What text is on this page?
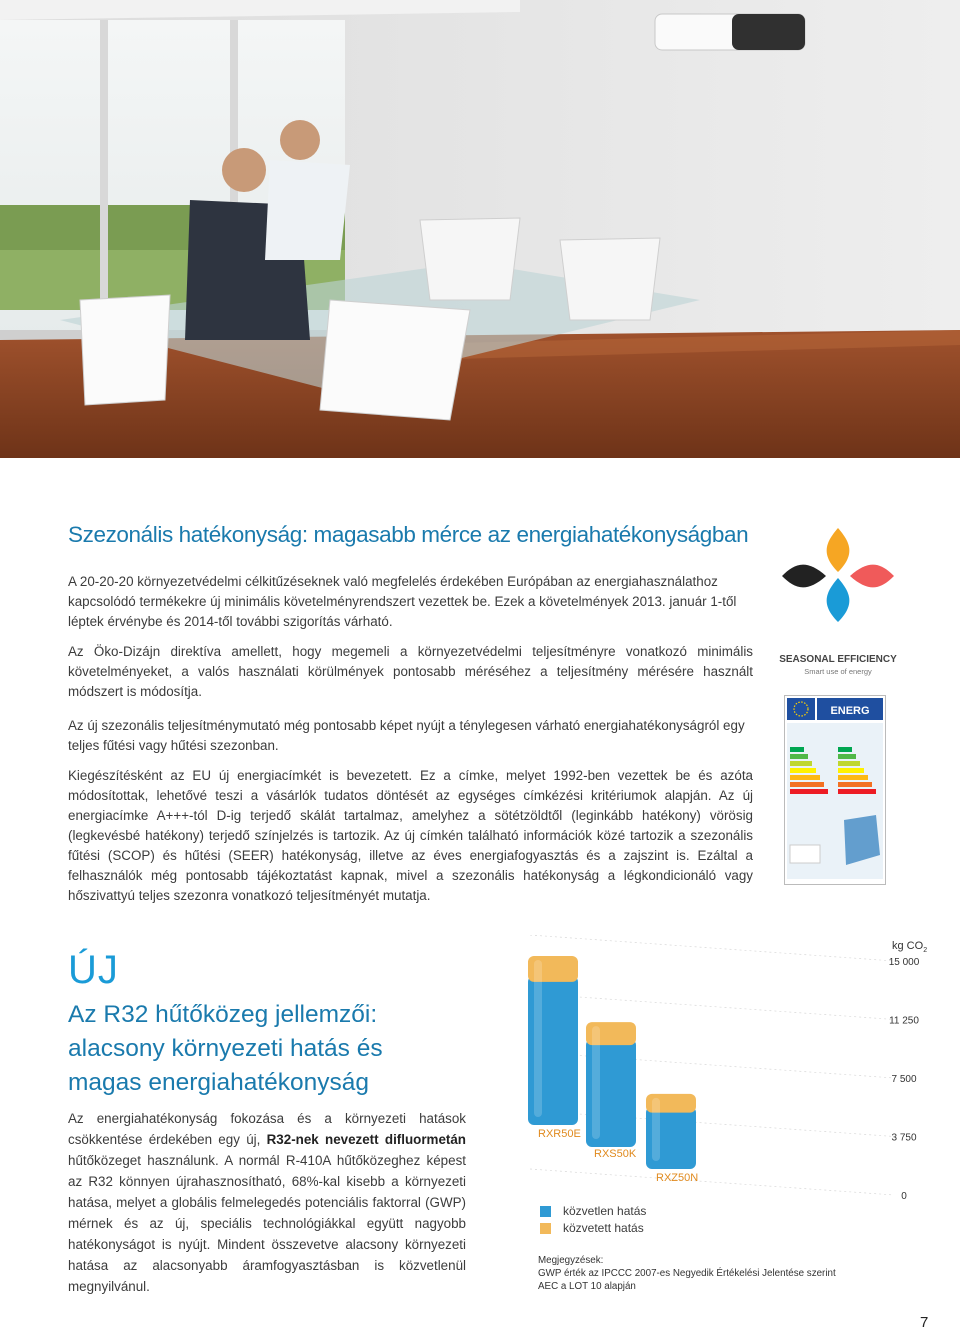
Szezonális hatékonyság: magasabb mérce az energiahatékonyságban

A 20-20-20 környezetvédelmi célkitűzéseknek való megfelelés érdekében Európában az energiahasználathoz kapcsolódó termékekre új minimális követelményrendszert vezettek be. Ezek a követelmények 2013. január 1-től léptek érvénybe és 2014-től további szigorítás várható.

Az Öko-Dizájn direktíva amellett, hogy megemeli a környezetvédelmi teljesítményre vonatkozó minimális követelményeket, a valós használati körülmények pontosabb méréséhez a teljesítmény mérésére használt módszert is módosítja.

Az új szezonális teljesítménymutató még pontosabb képet nyújt a ténylegesen várható energiahatékonyságról egy teljes fűtési vagy hűtési szezonban.

Kiegészítésként az EU új energiacímkét is bevezetett. Ez a címke, melyet 1992-ben vezettek be és azóta módosítottak, lehetővé teszi a vásárlók tudatos döntését az egységes címkézési kritériumok alapján. Az új energiacímke A+++-tól D-ig terjedő skálát tartalmaz, amelyhez a sötétzöldtől (leginkább hatékony) vörösig (legkevésbé hatékony) terjedő színjelzés is tartozik. Az új címkén található információk közé tartozik a szezonális fűtési (SCOP) és hűtési (SEER) hatékonyság, illetve az éves energiafogyasztás és a zajszint is. Ezáltal a felhasználók még pontosabb tájékoztatást kapnak, mivel a szezonális hatékonyság a légkondicionáló vagy hőszivattyú teljes szezonra vonatkozó teljesítményét mutatja.

SEASONAL EFFICIENCY
Smart use of energy
ENERG
ÚJ

Az R32 hűtőközeg jellemzői: alacsony környezeti hatás és magas energiahatékonyság

Az energiahatékonyság fokozása és a környezeti hatások csökkentése érdekében egy új, R32-nek nevezett difluormetán hűtőközeget használunk. A normál R-410A hűtőközeghez képest az R32 könnyen újrahasznosítható, 68%-kal kisebb a környezeti hatása, melyet a globális felmelegedés potenciális faktorral (GWP) mérnek és az új, speciális technológiákkal együtt nagyobb hatékonyságot is nyújt. Mindent összevetve alacsony környezeti hatása az alacsonyabb áramfogyasztásban is közvetlenül megnyilvánul.

15 000
11 250
7 500
3 750
0
kg $CO_2$
RXR50E
RXS50K
RXZ50N
közvetlen hatás
közvetett hatás
Megjegyzések:
GWP érték az IPCCC 2007-es Negyedik Értékelési Jelentése szerint
AEC a LOT 10 alapján
7
